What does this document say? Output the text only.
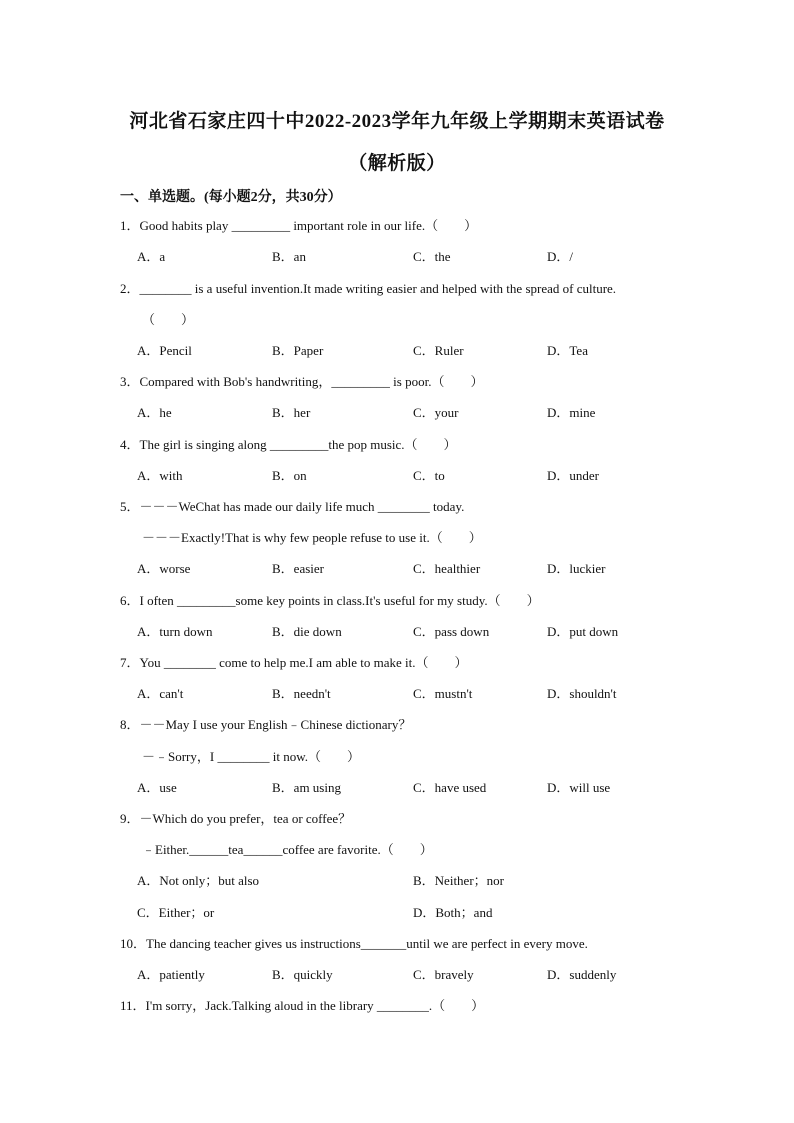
河北省石家庄四十中2022-2023学年九年级上学期期末英语试卷
（解析版）
一、单选题。(每小题2分，共30分）
1．Good habits play _________ important role in our life.（　　）
A．a	B．an	C．the	D．/
2．________ is a useful invention.It made writing easier and helped with the spread of culture.
（　　）
A．Pencil	B．Paper	C．Ruler	D．Tea
3．Compared with Bob's handwriting，_________ is poor.（　　）
A．he	B．her	C．your	D．mine
4．The girl is singing along _________the pop music.（　　）
A．with	B．on	C．to	D．under
5．－－－WeChat has made our daily life much ________ today.
－－－Exactly!That is why few people refuse to use it.（　　）
A．worse	B．easier	C．healthier	D．luckier
6．I often _________some key points in class.It's useful for my study.（　　）
A．turn down	B．die down	C．pass down	D．put down
7．You ________ come to help me.I am able to make it.（　　）
A．can't	B．needn't	C．mustn't	D．shouldn't
8．－－May I use your English﹣Chinese dictionary？
－﹣Sorry，I ________ it now.（　　）
A．use	B．am using	C．have used	D．will use
9．－Which do you prefer，tea or coffee？
﹣Either.______tea______coffee are favorite.（　　）
A．Not only；but also	B．Neither；nor
C．Either；or	D．Both；and
10．The dancing teacher gives us instructions_______until we are perfect in every move.
A．patiently	B．quickly	C．bravely	D．suddenly
11．I'm sorry，Jack.Talking aloud in the library ________.（　　）
